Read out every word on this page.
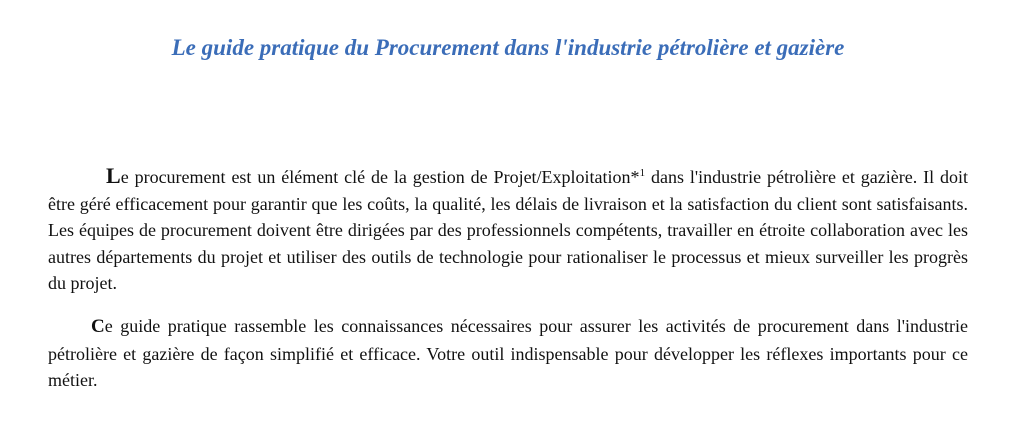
Le guide pratique du Procurement dans l'industrie pétrolière et gazière

Le procurement est un élément clé de la gestion de Projet/Exploitation*$^1$ dans l'industrie pétrolière et gazière. Il doit être géré efficacement pour garantir que les coûts, la qualité, les délais de livraison et la satisfaction du client sont satisfaisants. Les équipes de procurement doivent être dirigées par des professionnels compétents, travailler en étroite collaboration avec les autres départements du projet et utiliser des outils de technologie pour rationaliser le processus et mieux surveiller les progrès du projet.

Ce guide pratique rassemble les connaissances nécessaires pour assurer les activités de procurement dans l'industrie pétrolière et gazière de façon simplifié et efficace. Votre outil indispensable pour développer les réflexes importants pour ce métier.
